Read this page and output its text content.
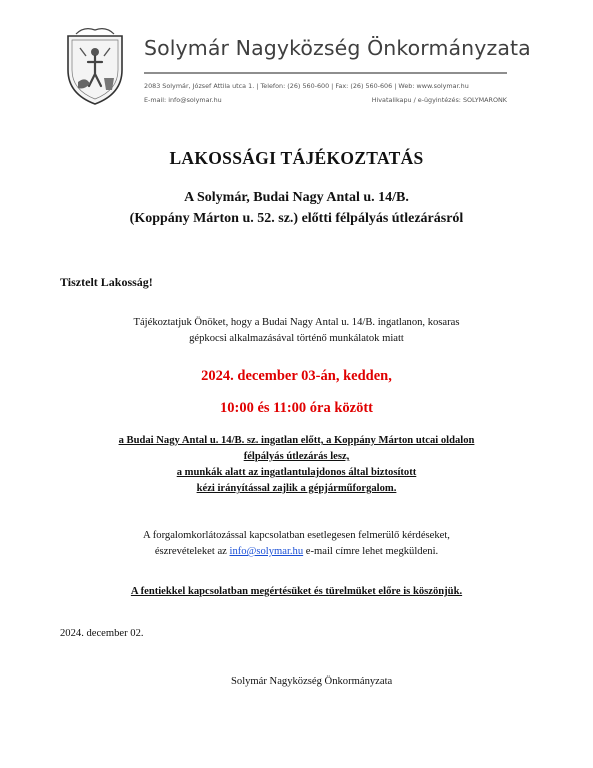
Solymár Nagyközség Önkormányzata
2083 Solymár, József Attila utca 1. | Telefon: (26) 560-600 | Fax: (26) 560-606 | Web: www.solymar.hu
E-mail: info@solymar.hu	Hivatalikapu / e-ügyintézés: SOLYMARONK
LAKOSSÁGI TÁJÉKOZTATÁS
A Solymár, Budai Nagy Antal u. 14/B.
(Koppány Márton u. 52. sz.) előtti félpályás útlezárásról
Tisztelt Lakosság!
Tájékoztatjuk Önöket, hogy a Budai Nagy Antal u. 14/B. ingatlanon, kosaras
gépkocsi alkalmazásával történő munkálatok miatt
2024. december 03-án, kedden,
10:00 és 11:00 óra között
a Budai Nagy Antal u. 14/B. sz. ingatlan előtt, a Koppány Márton utcai oldalon
félpályás útlezárás lesz,
a munkák alatt az ingatlantulajdonos által biztosított
kézi irányítással zajlik a gépjárműforgalom.
A forgalomkorlátozással kapcsolatban esetlegesen felmerülő kérdéseket,
észrevételeket az info@solymar.hu e-mail címre lehet megküldeni.
A fentiekkel kapcsolatban megértésüket és türelmüket előre is köszönjük.
2024. december 02.
Solymár Nagyközség Önkormányzata
